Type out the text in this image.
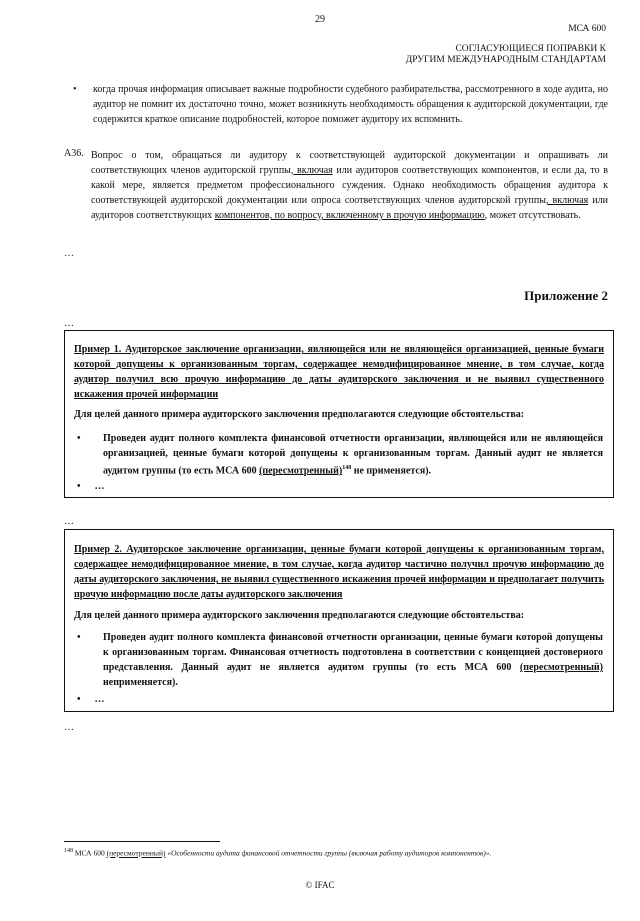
29
МСА 600
СОГЛАСУЮЩИЕСЯ ПОПРАВКИ К
ДРУГИМ МЕЖДУНАРОДНЫМ СТАНДАРТАМ
• когда прочая информация описывает важные подробности судебного разбирательства, рассмотренного в ходе аудита, но аудитор не помнит их достаточно точно, может возникнуть необходимость обращения к аудиторской документации, где содержится краткое описание подробностей, которое поможет аудитору их вспомнить.
A36. Вопрос о том, обращаться ли аудитору к соответствующей аудиторской документации и опрашивать ли соответствующих членов аудиторской группы, включая или аудиторов соответствующих компонентов, и если да, то в какой мере, является предметом профессионального суждения. Однако необходимость обращения аудитора к соответствующей аудиторской документации или опроса соответствующих членов аудиторской группы, включая или аудиторов соответствующих компонентов, по вопросу, включенному в прочую информацию, может отсутствовать.
…
Приложение 2
…
Пример 1. Аудиторское заключение организации, являющейся или не являющейся организацией, ценные бумаги которой допущены к организованным торгам, содержащее немодифицированное мнение, в том случае, когда аудитор получил всю прочую информацию до даты аудиторского заключения и не выявил существенного искажения прочей информации
Для целей данного примера аудиторского заключения предполагаются следующие обстоятельства:
• Проведен аудит полного комплекта финансовой отчетности организации, являющейся или не являющейся организацией, ценные бумаги которой допущены к организованным торгам. Данный аудит не является аудитом группы (то есть МСА 600 (пересмотренный)$^{148}$ не применяется).
• …
…
Пример 2. Аудиторское заключение организации, ценные бумаги которой допущены к организованным торгам, содержащее немодифицированное мнение, в том случае, когда аудитор частично получил прочую информацию до даты аудиторского заключения, не выявил существенного искажения прочей информации и предполагает получить прочую информацию после даты аудиторского заключения
Для целей данного примера аудиторского заключения предполагаются следующие обстоятельства:
• Проведен аудит полного комплекта финансовой отчетности организации, ценные бумаги которой допущены к организованным торгам. Финансовая отчетность подготовлена в соответствии с концепцией достоверного представления. Данный аудит не является аудитом группы (то есть МСА 600 (пересмотренный) неприменяется).
• …
…
$^{148}$ МСА 600 (пересмотренный) «Особенности аудита финансовой отчетности группы (включая работу аудиторов компонентов)».
© IFAC
